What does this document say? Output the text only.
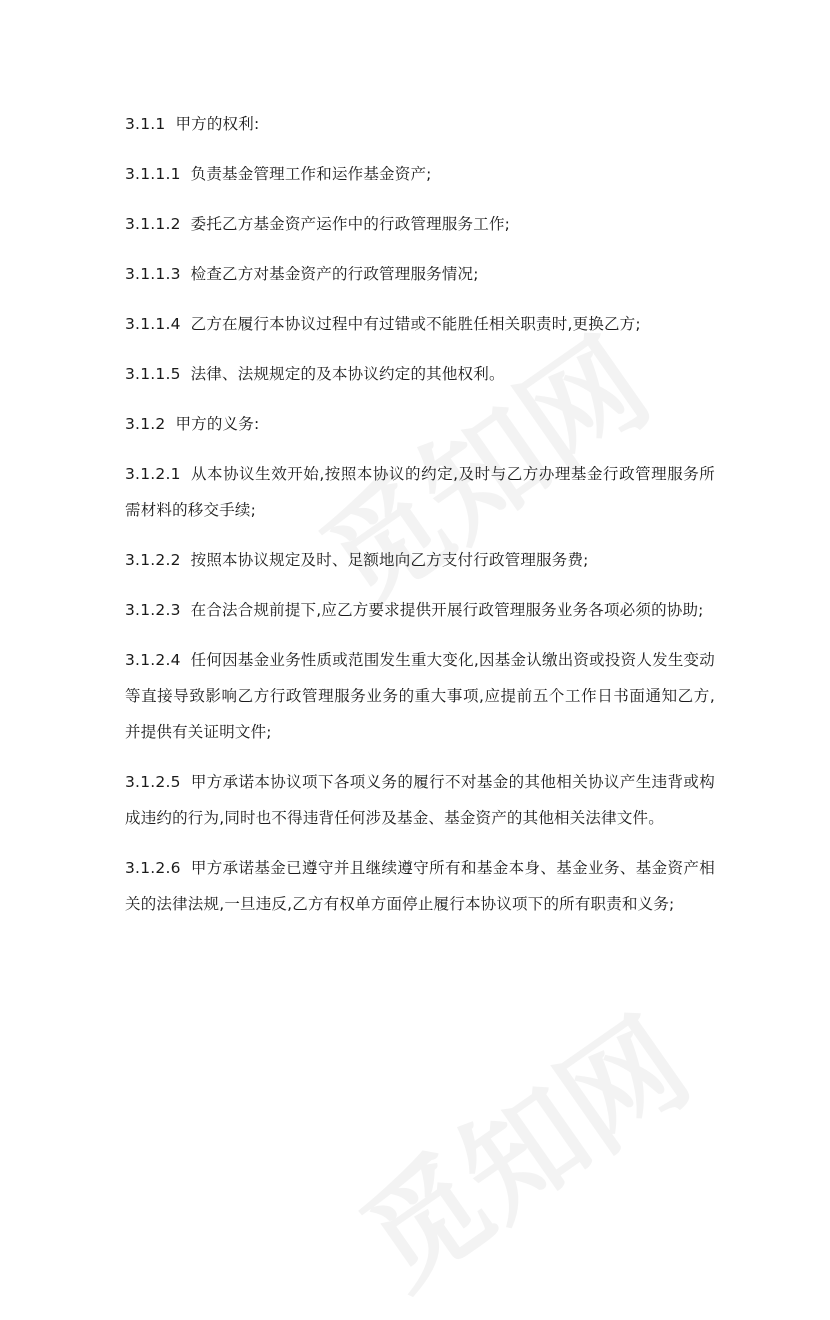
3.1.1 甲方的权利:

3.1.1.1 负责基金管理工作和运作基金资产;

3.1.1.2 委托乙方基金资产运作中的行政管理服务工作;

3.1.1.3 检查乙方对基金资产的行政管理服务情况;

3.1.1.4 乙方在履行本协议过程中有过错或不能胜任相关职责时,更换乙方;

3.1.1.5 法律、法规规定的及本协议约定的其他权利。

3.1.2 甲方的义务:

3.1.2.1 从本协议生效开始,按照本协议的约定,及时与乙方办理基金行政管理服务所需材料的移交手续;

3.1.2.2 按照本协议规定及时、足额地向乙方支付行政管理服务费;

3.1.2.3 在合法合规前提下,应乙方要求提供开展行政管理服务业务各项必须的协助;

3.1.2.4 任何因基金业务性质或范围发生重大变化,因基金认缴出资或投资人发生变动等直接导致影响乙方行政管理服务业务的重大事项,应提前五个工作日书面通知乙方,并提供有关证明文件;

3.1.2.5 甲方承诺本协议项下各项义务的履行不对基金的其他相关协议产生违背或构成违约的行为,同时也不得违背任何涉及基金、基金资产的其他相关法律文件。

3.1.2.6 甲方承诺基金已遵守并且继续遵守所有和基金本身、基金业务、基金资产相关的法律法规,一旦违反,乙方有权单方面停止履行本协议项下的所有职责和义务;
